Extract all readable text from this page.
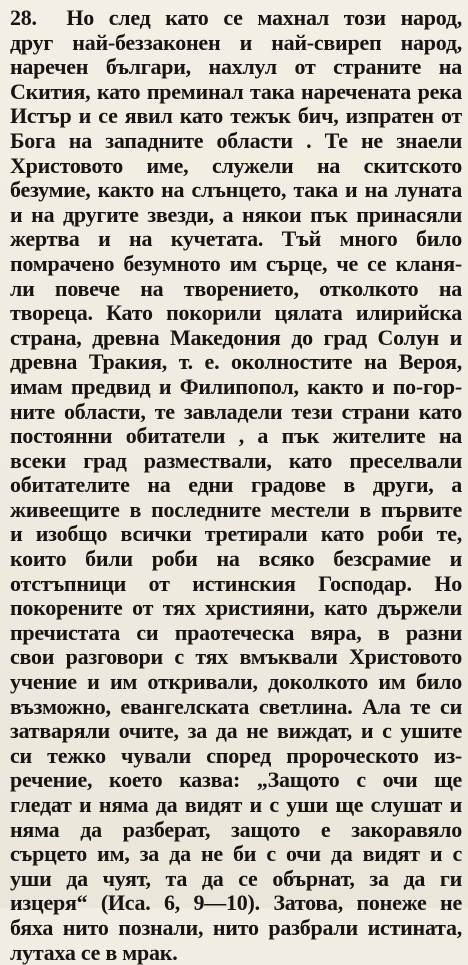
28. Но след като се махнал този народ,
друг най-беззаконен и най-свиреп народ,
наречен българи, нахлул от страните на
Скития, като преминал така наречената река
Истър и се явил като тежък бич, изпратен от
Бога на западните области . Те не знаели
Христовото име, служели на скитското
безумие, както на слънцето, така и на луната
и на другите звезди, а някои пък принасяли
жертва и на кучетата. Тъй много било
помрачено безумното им сърце, че се кланя-
ли повече на творението, отколкото на
твореца. Като покорили цялата илирийска
страна, древна Македония до град Солун и
древна Тракия, т. е. околностите на Вероя,
имам предвид и Филипопол, както и по-гор-
ните области, те завладели тези страни като
постоянни обитатели , а пък жителите на
всеки град размествали, като преселвали
обитателите на едни градове в други, а
живеещите в последните местели в първите
и изобщо всички третирали като роби те,
които били роби на всяко безсрамие и
отстъпници от истинския Господар. Но
покорените от тях християни, като държели
пречистата си праотеческа вяра, в разни
свои разговори с тях вмъквали Христовото
учение и им откривали, доколкото им било
възможно, евангелската светлина. Ала те си
затваряли очите, за да не виждат, и с ушите
си тежко чували според пророческото из-
речение, което казва: „Защото с очи ще
гледат и няма да видят и с уши ще слушат и
няма да разберат, защото е закоравяло
сърцето им, за да не би с очи да видят и с
уши да чуят, та да се обърнат, за да ги
изцеря“ (Иса. 6, 9—10). Затова, понеже не
бяха нито познали, нито разбрали истината,
лутаха се в мрак.
